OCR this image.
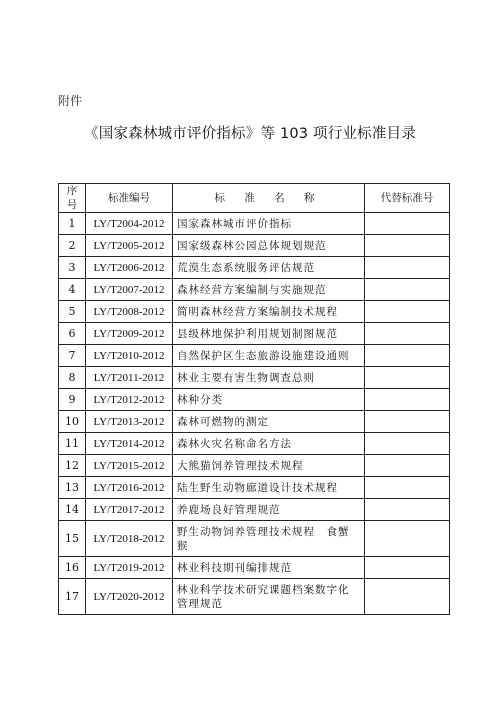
附件
《国家森林城市评价指标》等 103 项行业标准目录
序号	标准编号	标 准 名 称	代替标准号
1	LY/T2004-2012	国家森林城市评价指标	
2	LY/T2005-2012	国家级森林公园总体规划规范	
3	LY/T2006-2012	荒漠生态系统服务评估规范	
4	LY/T2007-2012	森林经营方案编制与实施规范	
5	LY/T2008-2012	简明森林经营方案编制技术规程	
6	LY/T2009-2012	县级林地保护利用规划制图规范	
7	LY/T2010-2012	自然保护区生态旅游设施建设通则	
8	LY/T2011-2012	林业主要有害生物调查总则	
9	LY/T2012-2012	林种分类	
10	LY/T2013-2012	森林可燃物的测定	
11	LY/T2014-2012	森林火灾名称命名方法	
12	LY/T2015-2012	大熊猫饲养管理技术规程	
13	LY/T2016-2012	陆生野生动物廊道设计技术规程	
14	LY/T2017-2012	养鹿场良好管理规范	
15	LY/T2018-2012	野生动物饲养管理技术规程　食蟹猴	
16	LY/T2019-2012	林业科技期刊编排规范	
17	LY/T2020-2012	林业科学技术研究课题档案数字化管理规范	
